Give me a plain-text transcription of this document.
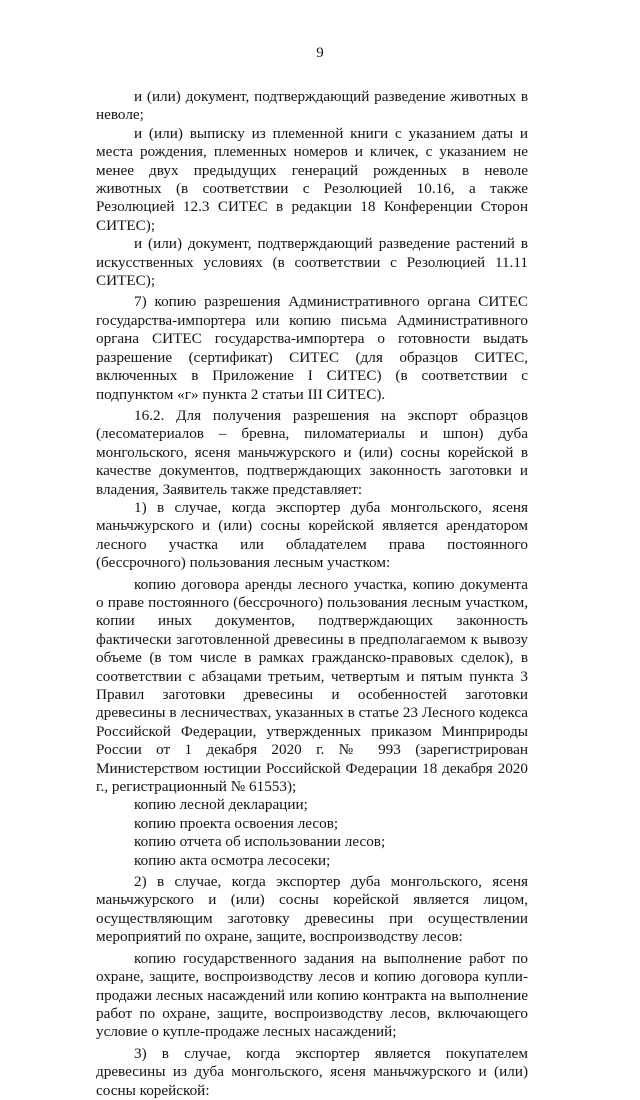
9

и (или) документ, подтверждающий разведение животных в неволе;

и (или) выписку из племенной книги с указанием даты и места рождения, племенных номеров и кличек, с указанием не менее двух предыдущих генераций рожденных в неволе животных (в соответствии с Резолюцией 10.16, а также Резолюцией 12.3 СИТЕС в редакции 18 Конференции Сторон СИТЕС);

и (или) документ, подтверждающий разведение растений в искусственных условиях (в соответствии с Резолюцией 11.11 СИТЕС);

7) копию разрешения Административного органа СИТЕС государства-импортера или копию письма Административного органа СИТЕС государства-импортера о готовности выдать разрешение (сертификат) СИТЕС (для образцов СИТЕС, включенных в Приложение I СИТЕС) (в соответствии с подпунктом «г» пункта 2 статьи III СИТЕС).

16.2. Для получения разрешения на экспорт образцов (лесоматериалов – бревна, пиломатериалы и шпон) дуба монгольского, ясеня маньчжурского и (или) сосны корейской в качестве документов, подтверждающих законность заготовки и владения, Заявитель также представляет:

1) в случае, когда экспортер дуба монгольского, ясеня маньчжурского и (или) сосны корейской является арендатором лесного участка или обладателем права постоянного (бессрочного) пользования лесным участком:

копию договора аренды лесного участка, копию документа о праве постоянного (бессрочного) пользования лесным участком, копии иных документов, подтверждающих законность фактически заготовленной древесины в предполагаемом к вывозу объеме (в том числе в рамках гражданско-правовых сделок), в соответствии с абзацами третьим, четвертым и пятым пункта 3 Правил заготовки древесины и особенностей заготовки древесины в лесничествах, указанных в статье 23 Лесного кодекса Российской Федерации, утвержденных приказом Минприроды России от 1 декабря 2020 г. № 993 (зарегистрирован Министерством юстиции Российской Федерации 18 декабря 2020 г., регистрационный № 61553);

копию лесной декларации;

копию проекта освоения лесов;

копию отчета об использовании лесов;

копию акта осмотра лесосеки;

2) в случае, когда экспортер дуба монгольского, ясеня маньчжурского и (или) сосны корейской является лицом, осуществляющим заготовку древесины при осуществлении мероприятий по охране, защите, воспроизводству лесов:

копию государственного задания на выполнение работ по охране, защите, воспроизводству лесов и копию договора купли-продажи лесных насаждений или копию контракта на выполнение работ по охране, защите, воспроизводству лесов, включающего условие о купле-продаже лесных насаждений;

3) в случае, когда экспортер является покупателем древесины из дуба монгольского, ясеня маньчжурского и (или) сосны корейской:
